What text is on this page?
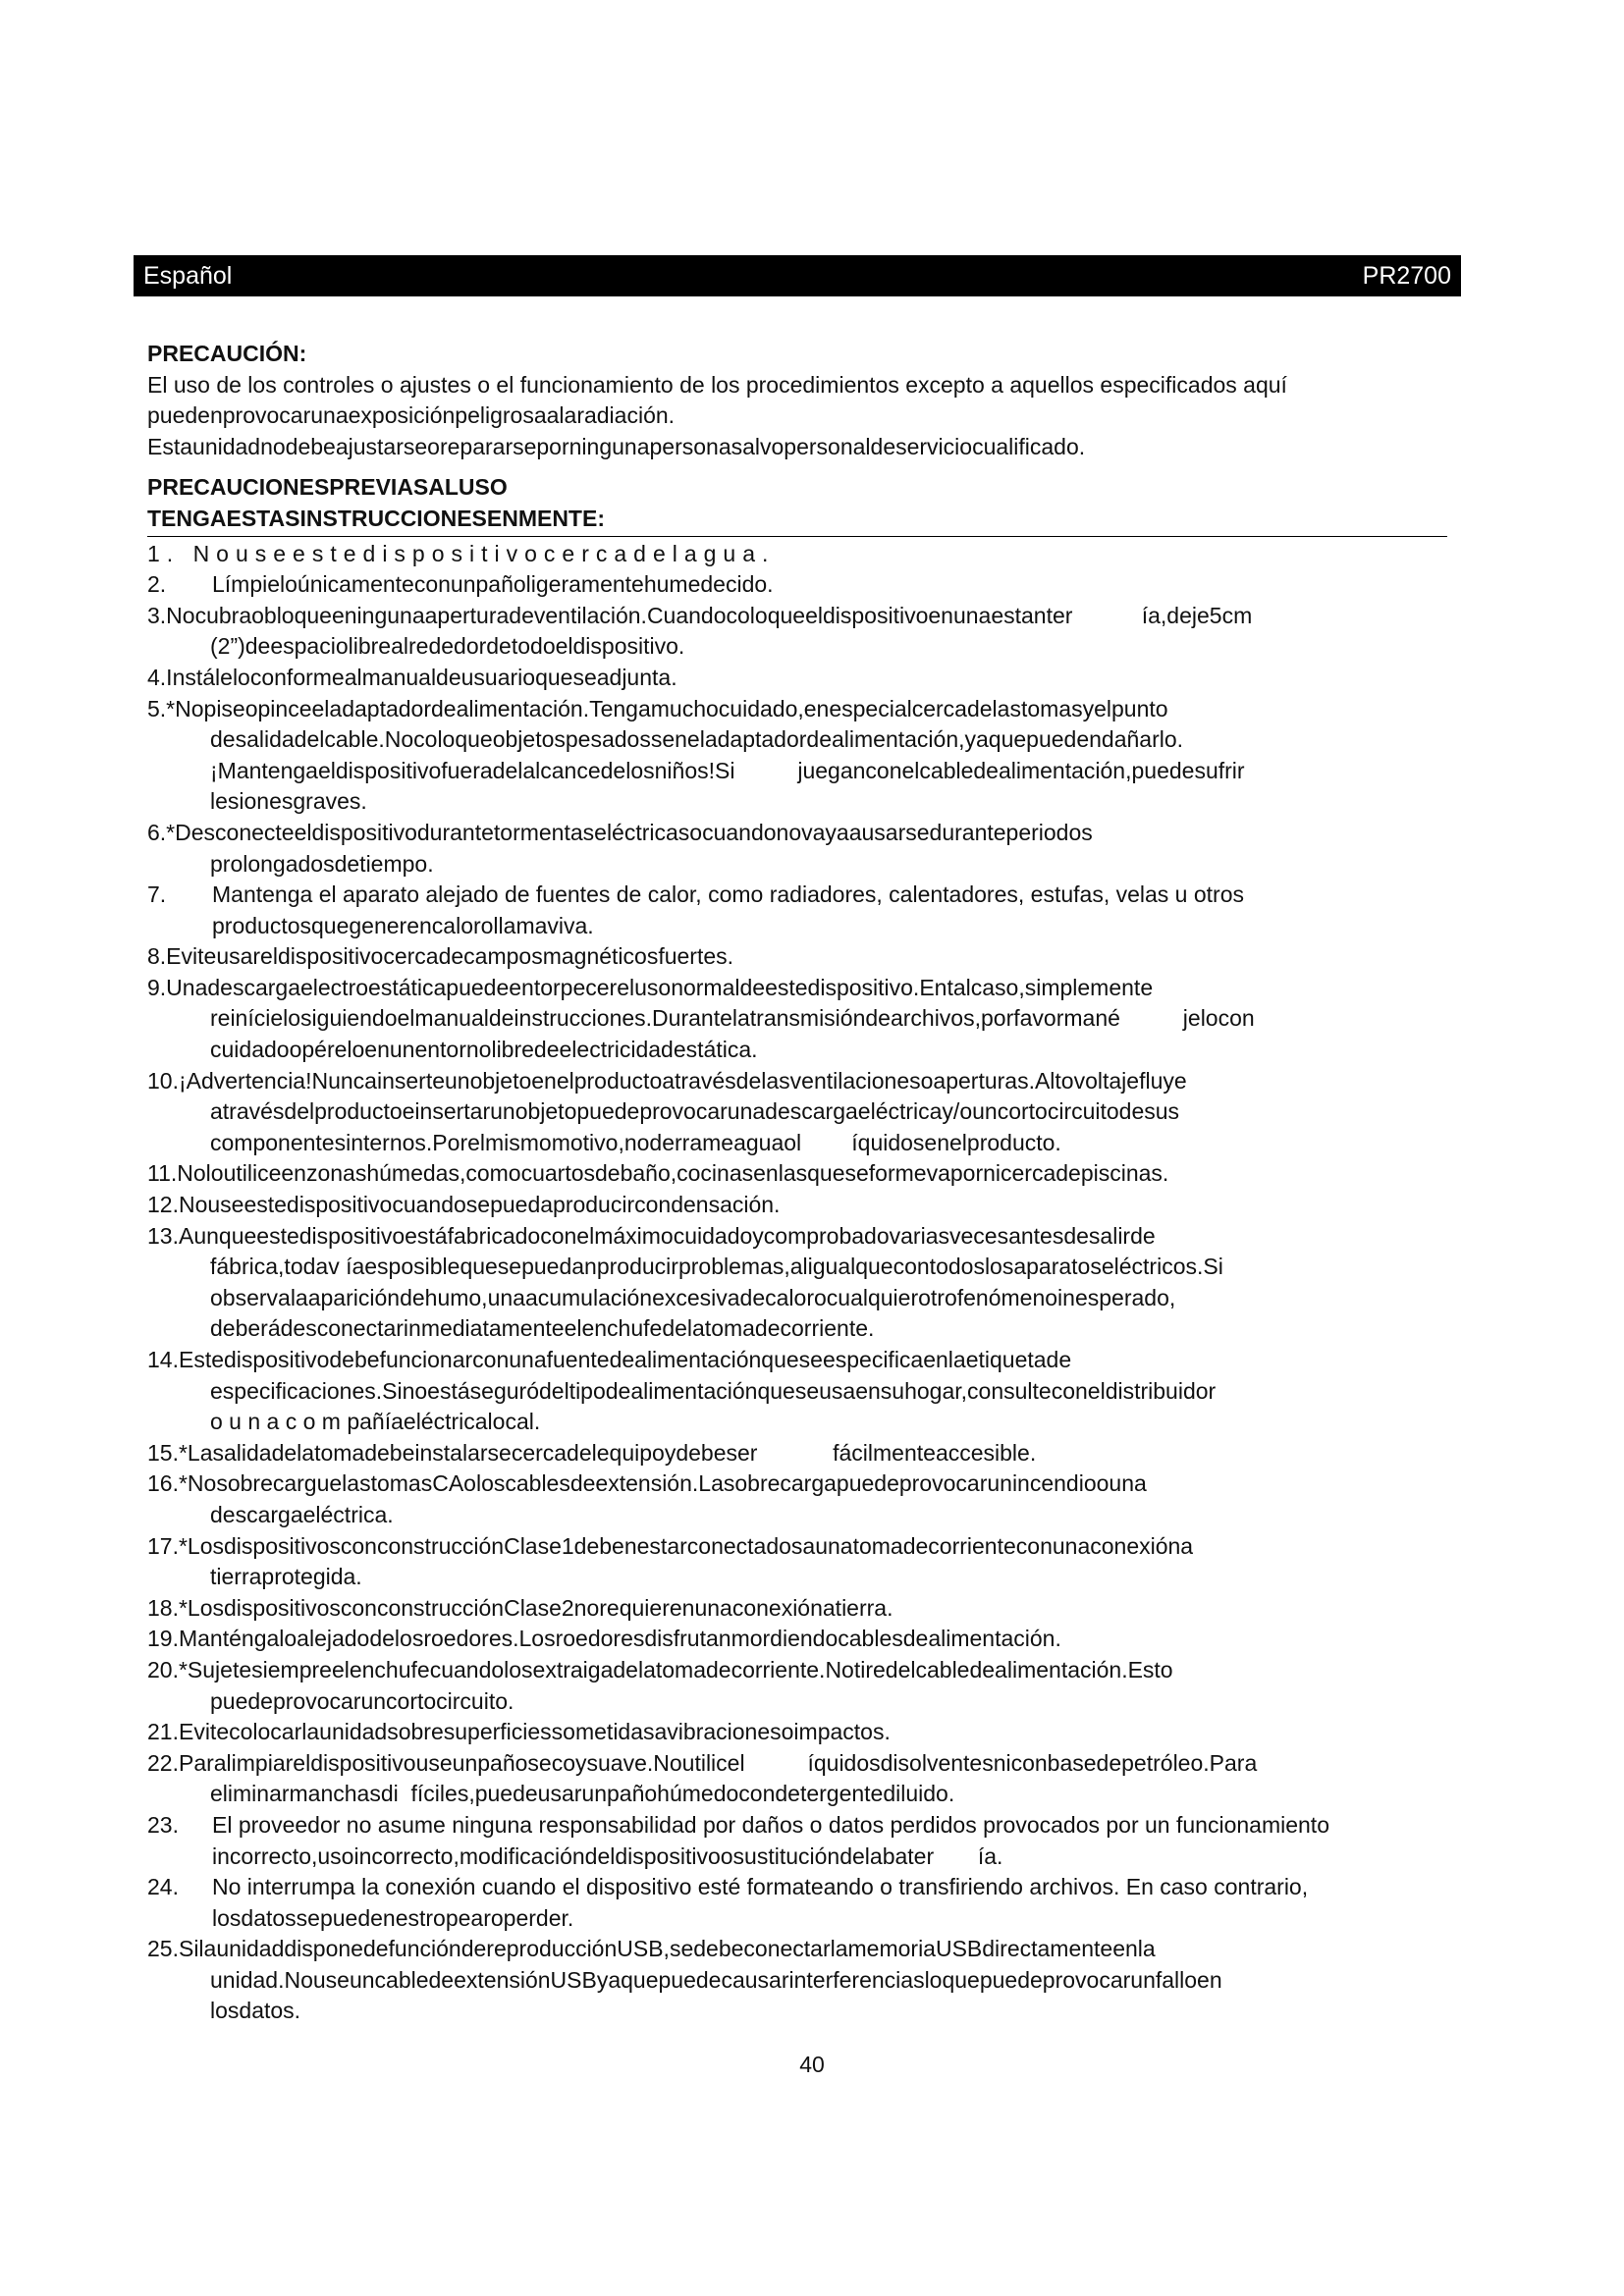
Español	PR2700
PRECAUCIÓN:

El uso de los controles o ajustes o el funcionamiento de los procedimientos excepto a aquellos especificados aquí

puedenprovocarunaexposiciónpeligrosaalaradiación.

Estaunidadnodebeajustarseorepararseporningunapersonasalvopersonaldeserviciocualificado.

PRECAUCIONESPREVIASALUSO
TENGAESTASINSTRUCCIONESENMENTE:
1. Nouseestedispositivocercadelagua.
2.	Límpieloúnicamenteconunpañoligeramentehumedecido.
3.Nocubraobloqueeningunaaperturadeventilación.Cuandocoloqueeldispositivoenunaestanter           ía,deje5cm
(2”)deespaciolibrealrededordetodoeldispositivo.
4.Instáleloconformealmanualdeusuarioqueseadjunta.
5.*Nopiseopinceeladaptadordealimentación.Tengamuchocuidado,enespecialcercadelastomasyelpunto
desalidadelcable.Nocoloqueobjetospesadosseneladaptadordealimentación,yaquepuedendañarlo.
¡Mantengaeldispositivofueradelalcancedelosniños!Si          jueganconelcabledealimentación,puedesufrir
lesionesgraves.
6.*Desconecteeldispositivodurantetormentaseléctricasocuandonovayaausarseduranteperiodos
prolongadosdetiempo.
7.	Mantenga el aparato alejado de fuentes de calor, como radiadores, calentadores, estufas, velas u otros
productosquegenerencalorollamaviva.
8.Eviteusareldispositivocercadecamposmagnéticosfuertes.
9.Unadescargaelectroestáticapuedeentorpecerelusonormaldeestedispositivo.Entalcaso,simplemente
reinícielosiguiendoelmanualdeinstrucciones.Durantelatransmisióndearchivos,porfavormané          jelocon
cuidadoopéreloenunentornolibredeelectricidadestática.
10.¡Advertencia!Nuncainserteunobjetoenelproductoatravésdelasventilacionesoaperturas.Altovoltajefluye
atravésdelproductoeinsertarunobjetopuedeprovocarunadescargaeléctricay/ouncortocircuitodesus
componentesinternos.Porelmismomotivo,noderrameaguaol        íquidosenelproducto.
11.Noloutiliceenzonashúmedas,comocuartosdebaño,cocinasenlasqueseformevapornicercadepiscinas.
12.Nouseestedispositivocuandosepuedaproducircondensación.
13.Aunqueestedispositivoestáfabricadoconelmáximocuidadoycomprobadovariasvecesantesdesalirde
fábrica,todav íaesposiblequesepuedanproducirproblemas,aligualquecontodoslosaparatoseléctricos.Si
observalaaparicióndehumo,unaacumulaciónexcesivadecalorocualquierotrofenómenoinesperado,
deberádesconectarinmediatamenteelenchufedelatomadecorriente.
14.Estedispositivodebefuncionarconunafuentedealimentaciónqueseespecificaenlaetiquetade
especificaciones.Sinoestáseguródeltipodealimentaciónqueseusaensuhogar,consulteconeldistribuidor
o u n a c o m pañíaeléctricalocal.
15.*Lasalidadelatomadebeinstalarsecercadelequipoydebeser            fácilmenteaccesible.
16.*NosobrecarguelastomasCAoloscablesdeextensión.Lasobrecargapuedeprovocarunincendioouna
descargaeléctrica.
17.*LosdispositivosconconstrucciónClase1debenestarconectadosaunatomadecorrienteconunaconexióna
tierraprotegida.
18.*LosdispositivosconconstrucciónClase2norequierenunaconexiónatierra.
19.Manténgaloalejadodelosroedores.Losroedoresdisfrutanmordiendocablesdealimentación.
20.*Sujetesiempreelenchufecuandolosextraigadelatomadecorriente.Notiredelcabledealimentación.Esto
puedeprovocaruncortocircuito.
21.Evitecolocarlaunidadsobresuperficiessometidasavibracionesoimpactos.
22.Paralimpiareldispositivouseunpañosecoysuave.Noutilicel          íquidosdisolventesniconbasedepetróleo.Para
eliminarmanchasdi  fíciles,puedeusarunpañohúmedocondetergentediluido.
23.	El proveedor no asume ninguna responsabilidad por daños o datos perdidos provocados por un funcionamiento
incorrecto,usoincorrecto,modificacióndeldispositivoosustitucióndelabater       ía.
24.	No interrumpa la conexión cuando el dispositivo esté formateando o transfiriendo archivos. En caso contrario,
losdatossepuedenestropearoperder.
25.SilaunidaddisponedefuncióndereproducciónUSB,sedebeconectarlamemoriaUSBdirectamenteenla
unidad.NouseuncabledeextensiónUSByaquepuedecausarinterferenciasloquepuedeprovocarunfalloen
losdatos.
40
